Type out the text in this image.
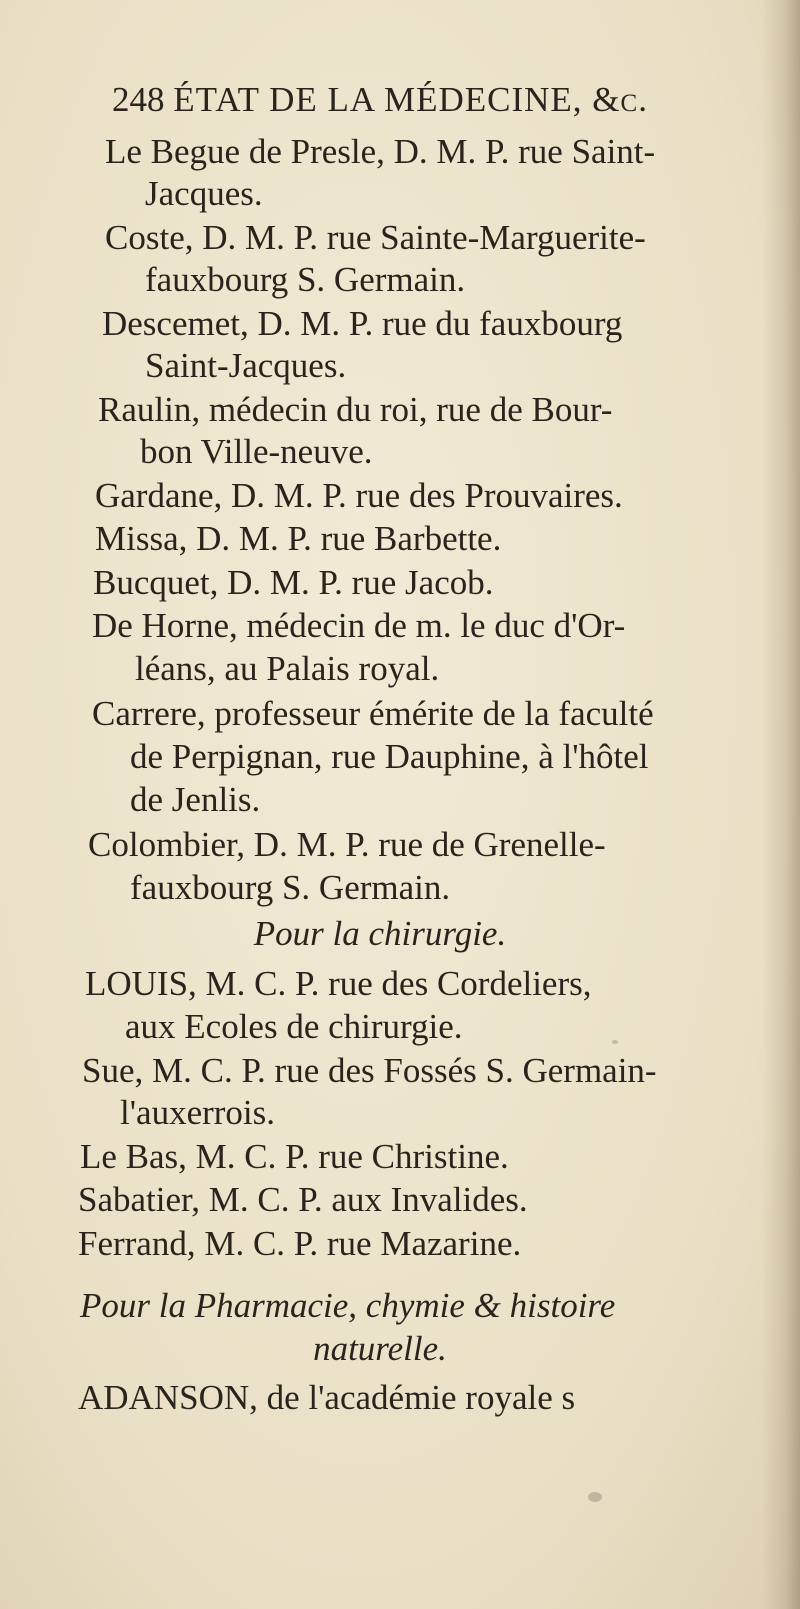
248 ÉTAT DE LA MÉDECINE, &c.
Le Begue de Presle, D. M. P. rue Saint-
Jacques.
Coste, D. M. P. rue Sainte-Marguerite-
fauxbourg S. Germain.
Descemet, D. M. P. rue du fauxbourg
Saint-Jacques.
Raulin, médecin du roi, rue de Bour-
bon Ville-neuve.
Gardane, D. M. P. rue des Prouvaires.
Missa, D. M. P. rue Barbette.
Bucquet, D. M. P. rue Jacob.
De Horne, médecin de m. le duc d'Or-
léans, au Palais royal.
Carrere, professeur émérite de la faculté
de Perpignan, rue Dauphine, à l'hôtel
de Jenlis.
Colombier, D. M. P. rue de Grenelle-
fauxbourg S. Germain.
Pour la chirurgie.
LOUIS, M. C. P. rue des Cordeliers,
aux Ecoles de chirurgie.
Sue, M. C. P. rue des Fossés S. Germain-
l'auxerrois.
Le Bas, M. C. P. rue Christine.
Sabatier, M. C. P. aux Invalides.
Ferrand, M. C. P. rue Mazarine.
Pour la Pharmacie, chymie & histoire
naturelle.
ADANSON, de l'académie royale s
